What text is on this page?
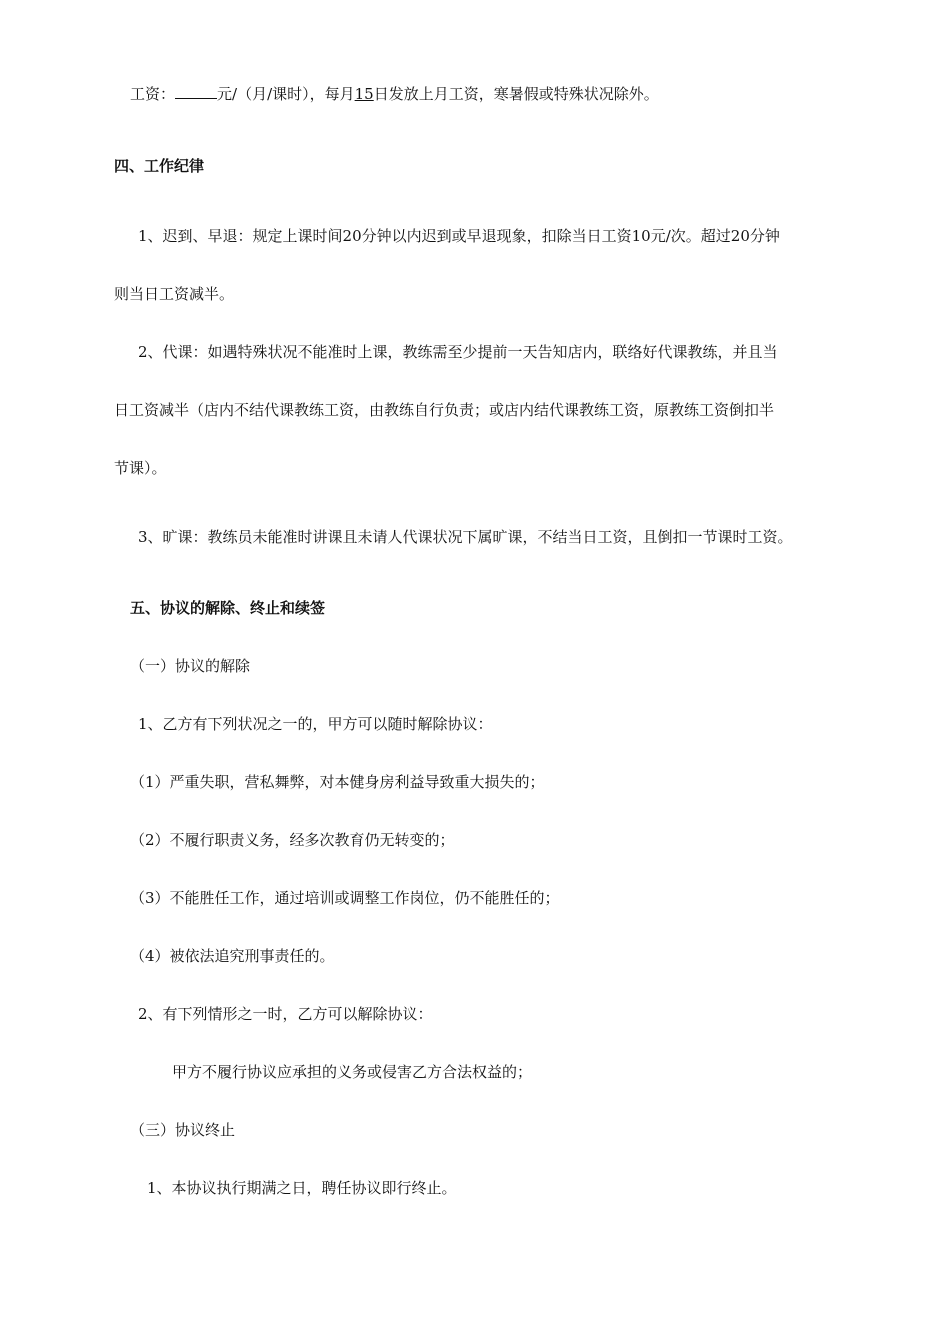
工资：	元/（月/课时），每月15日发放上月工资，寒暑假或特殊状况除外。
四、工作纪律
1、迟到、早退：规定上课时间20分钟以内迟到或早退现象，扣除当日工资10元/次。超过20分钟
则当日工资减半。
2、代课：如遇特殊状况不能准时上课，教练需至少提前一天告知店内，联络好代课教练，并且当
日工资减半（店内不结代课教练工资，由教练自行负责；或店内结代课教练工资，原教练工资倒扣半
节课）。
3、旷课：教练员未能准时讲课且未请人代课状况下属旷课，不结当日工资，且倒扣一节课时工资。
五、协议的解除、终止和续签
（一）协议的解除
1、乙方有下列状况之一的，甲方可以随时解除协议：
（1）严重失职，营私舞弊，对本健身房利益导致重大损失的；
（2）不履行职责义务，经多次教育仍无转变的；
（3）不能胜任工作，通过培训或调整工作岗位，仍不能胜任的；
（4）被依法追究刑事责任的。
2、有下列情形之一时，乙方可以解除协议：
甲方不履行协议应承担的义务或侵害乙方合法权益的；
（三）协议终止
1、本协议执行期满之日，聘任协议即行终止。
